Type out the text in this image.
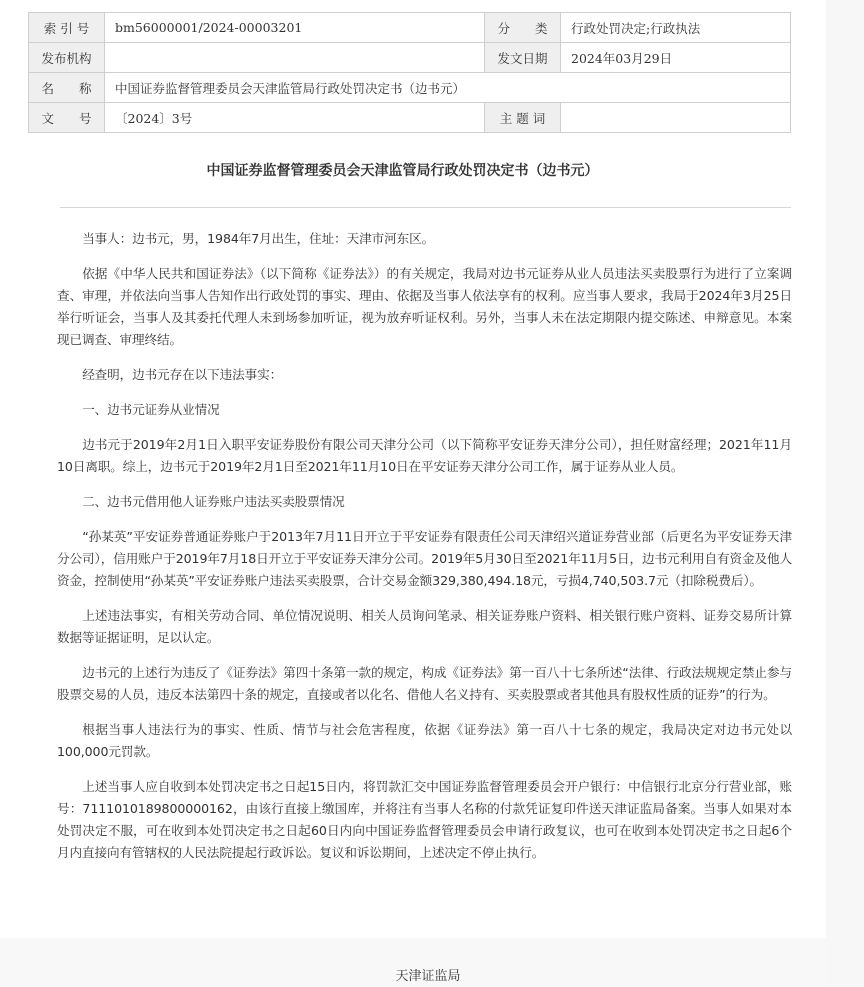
索 引 号	bm56000001/2024-00003201	分　　类	行政处罚决定;行政执法
发布机构		发文日期	2024年03月29日
名　　称	中国证券监督管理委员会天津监管局行政处罚决定书（边书元）		
文　　号	〔2024〕3号	主 题 词	
中国证券监督管理委员会天津监管局行政处罚决定书（边书元）

当事人：边书元，男，1984年7月出生，住址：天津市河东区。

依据《中华人民共和国证券法》（以下简称《证券法》）的有关规定，我局对边书元证券从业人员违法买卖股票行为进行了立案调查、审理，并依法向当事人告知作出行政处罚的事实、理由、依据及当事人依法享有的权利。应当事人要求，我局于2024年3月25日举行听证会，当事人及其委托代理人未到场参加听证，视为放弃听证权利。另外，当事人未在法定期限内提交陈述、申辩意见。本案现已调查、审理终结。

经查明，边书元存在以下违法事实：

一、边书元证券从业情况

边书元于2019年2月1日入职平安证券股份有限公司天津分公司（以下简称平安证券天津分公司），担任财富经理；2021年11月10日离职。综上，边书元于2019年2月1日至2021年11月10日在平安证券天津分公司工作，属于证券从业人员。

二、边书元借用他人证券账户违法买卖股票情况

“孙某英”平安证券普通证券账户于2013年7月11日开立于平安证券有限责任公司天津绍兴道证券营业部（后更名为平安证券天津分公司），信用账户于2019年7月18日开立于平安证券天津分公司。2019年5月30日至2021年11月5日，边书元利用自有资金及他人资金，控制使用“孙某英”平安证券账户违法买卖股票，合计交易金额329,380,494.18元，亏损4,740,503.7元（扣除税费后）。

上述违法事实，有相关劳动合同、单位情况说明、相关人员询问笔录、相关证券账户资料、相关银行账户资料、证券交易所计算数据等证据证明，足以认定。

边书元的上述行为违反了《证券法》第四十条第一款的规定，构成《证券法》第一百八十七条所述“法律、行政法规规定禁止参与股票交易的人员，违反本法第四十条的规定，直接或者以化名、借他人名义持有、买卖股票或者其他具有股权性质的证券”的行为。

根据当事人违法行为的事实、性质、情节与社会危害程度，依据《证券法》第一百八十七条的规定，我局决定对边书元处以100,000元罚款。

上述当事人应自收到本处罚决定书之日起15日内，将罚款汇交中国证券监督管理委员会开户银行：中信银行北京分行营业部，账号：7111010189800000162，由该行直接上缴国库，并将注有当事人名称的付款凭证复印件送天津证监局备案。当事人如果对本处罚决定不服，可在收到本处罚决定书之日起60日内向中国证券监督管理委员会申请行政复议，也可在收到本处罚决定书之日起6个月内直接向有管辖权的人民法院提起行政诉讼。复议和诉讼期间，上述决定不停止执行。

天津证监局
